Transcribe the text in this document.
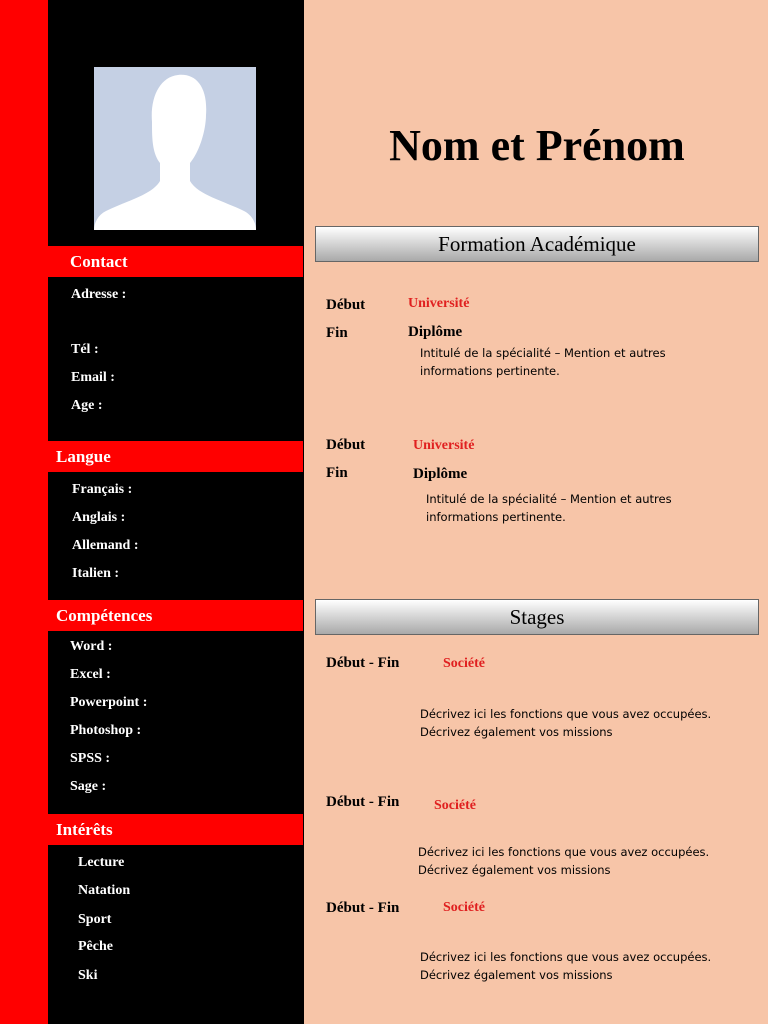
Contact
Adresse :
Tél :
Email :
Age :
Langue
Français :
Anglais :
Allemand :
Italien :
Compétences
Word :
Excel :
Powerpoint :
Photoshop :
SPSS :
Sage :
Intérêts
Lecture
Natation
Sport
Pêche
Ski
Nom et Prénom
Formation Académique
Début	Université
Fin	Diplôme
Intitulé de la spécialité – Mention et autres
informations pertinente.
Début	Université
Fin	Diplôme
Intitulé de la spécialité – Mention et autres
informations pertinente.
Stages
Début - Fin	Société
Décrivez ici les fonctions que vous avez occupées.
Décrivez également vos missions
Début - Fin Société
Décrivez ici les fonctions que vous avez occupées.
Décrivez également vos missions
Début - Fin	Société
Décrivez ici les fonctions que vous avez occupées.
Décrivez également vos missions
